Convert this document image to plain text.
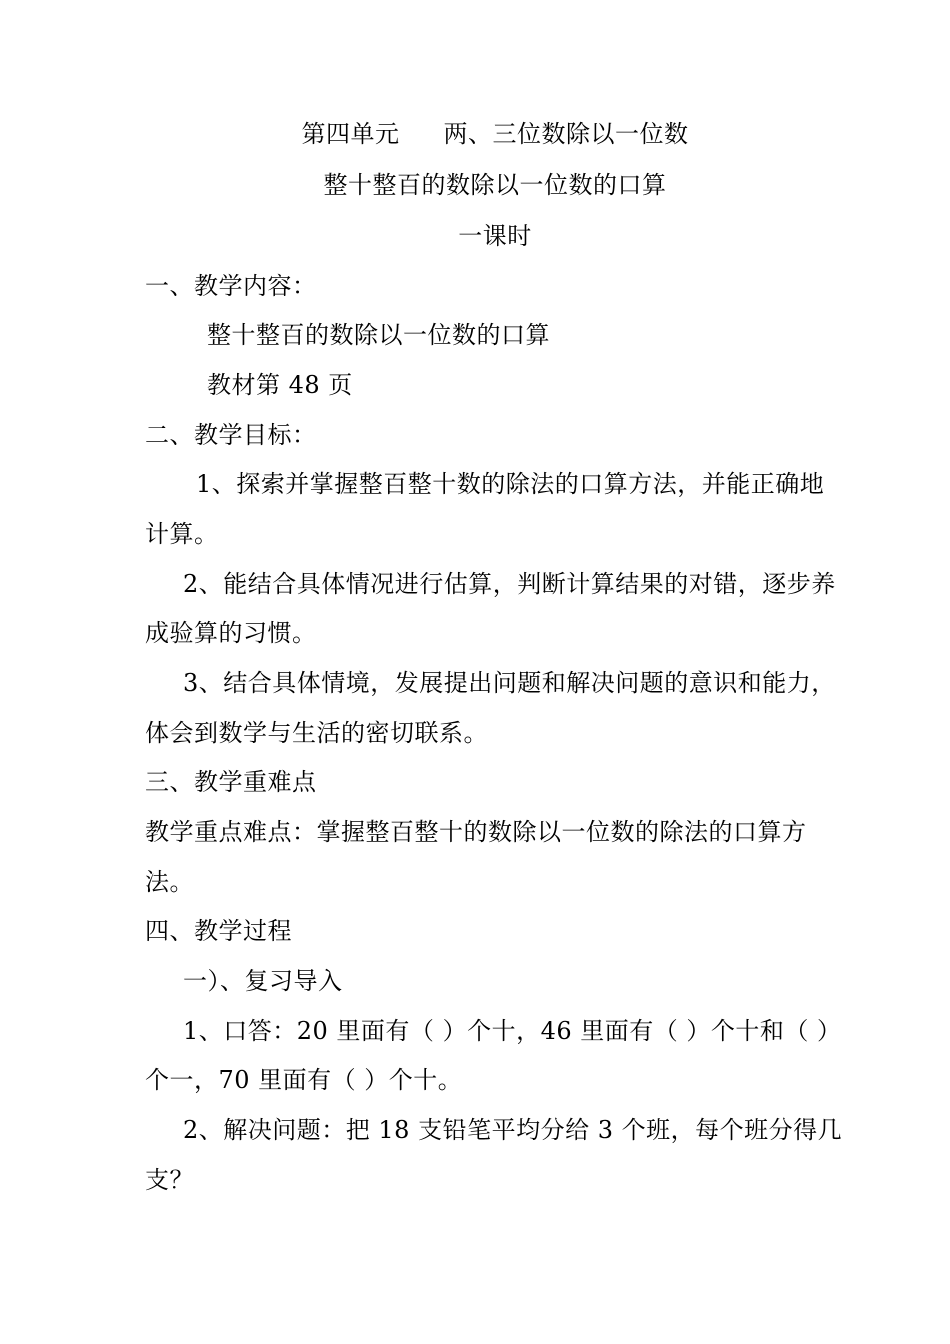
第四单元 两、三位数除以一位数
整十整百的数除以一位数的口算
一课时
一、教学内容：
整十整百的数除以一位数的口算
教材第 48 页
二、教学目标：
1、探索并掌握整百整十数的除法的口算方法，并能正确地
计算。
2、能结合具体情况进行估算，判断计算结果的对错，逐步养
成验算的习惯。
3、结合具体情境，发展提出问题和解决问题的意识和能力，
体会到数学与生活的密切联系。
三、教学重难点
教学重点难点：掌握整百整十的数除以一位数的除法的口算方
法。
四、教学过程
一）、复习导入
1、口答：20 里面有（ ）个十，46 里面有（ ）个十和（ ）
个一，70 里面有（ ）个十。
2、解决问题：把 18 支铅笔平均分给 3 个班，每个班分得几
支？
